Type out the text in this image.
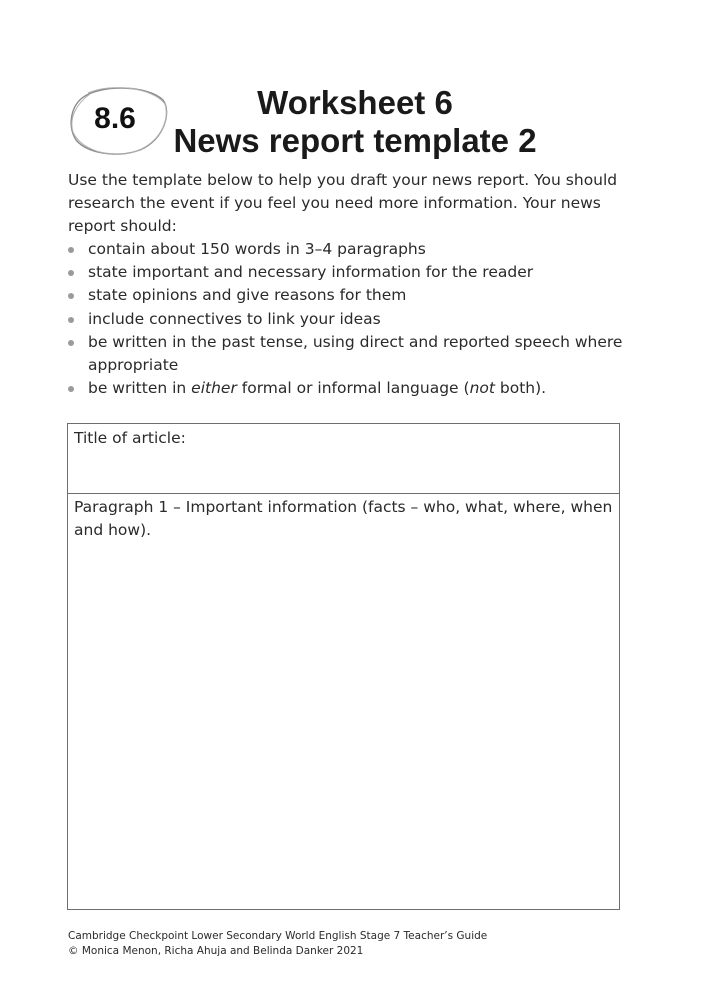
8.6	Worksheet 6
News report template 2
Use the template below to help you draft your news report. You should research the event if you feel you need more information. Your news report should:
contain about 150 words in 3–4 paragraphs
state important and necessary information for the reader
state opinions and give reasons for them
include connectives to link your ideas
be written in the past tense, using direct and reported speech where appropriate
be written in either formal or informal language (not both).
Title of article:
Paragraph 1 – Important information (facts – who, what, where, when and how).
Cambridge Checkpoint Lower Secondary World English Stage 7 Teacher’s Guide
© Monica Menon, Richa Ahuja and Belinda Danker 2021
